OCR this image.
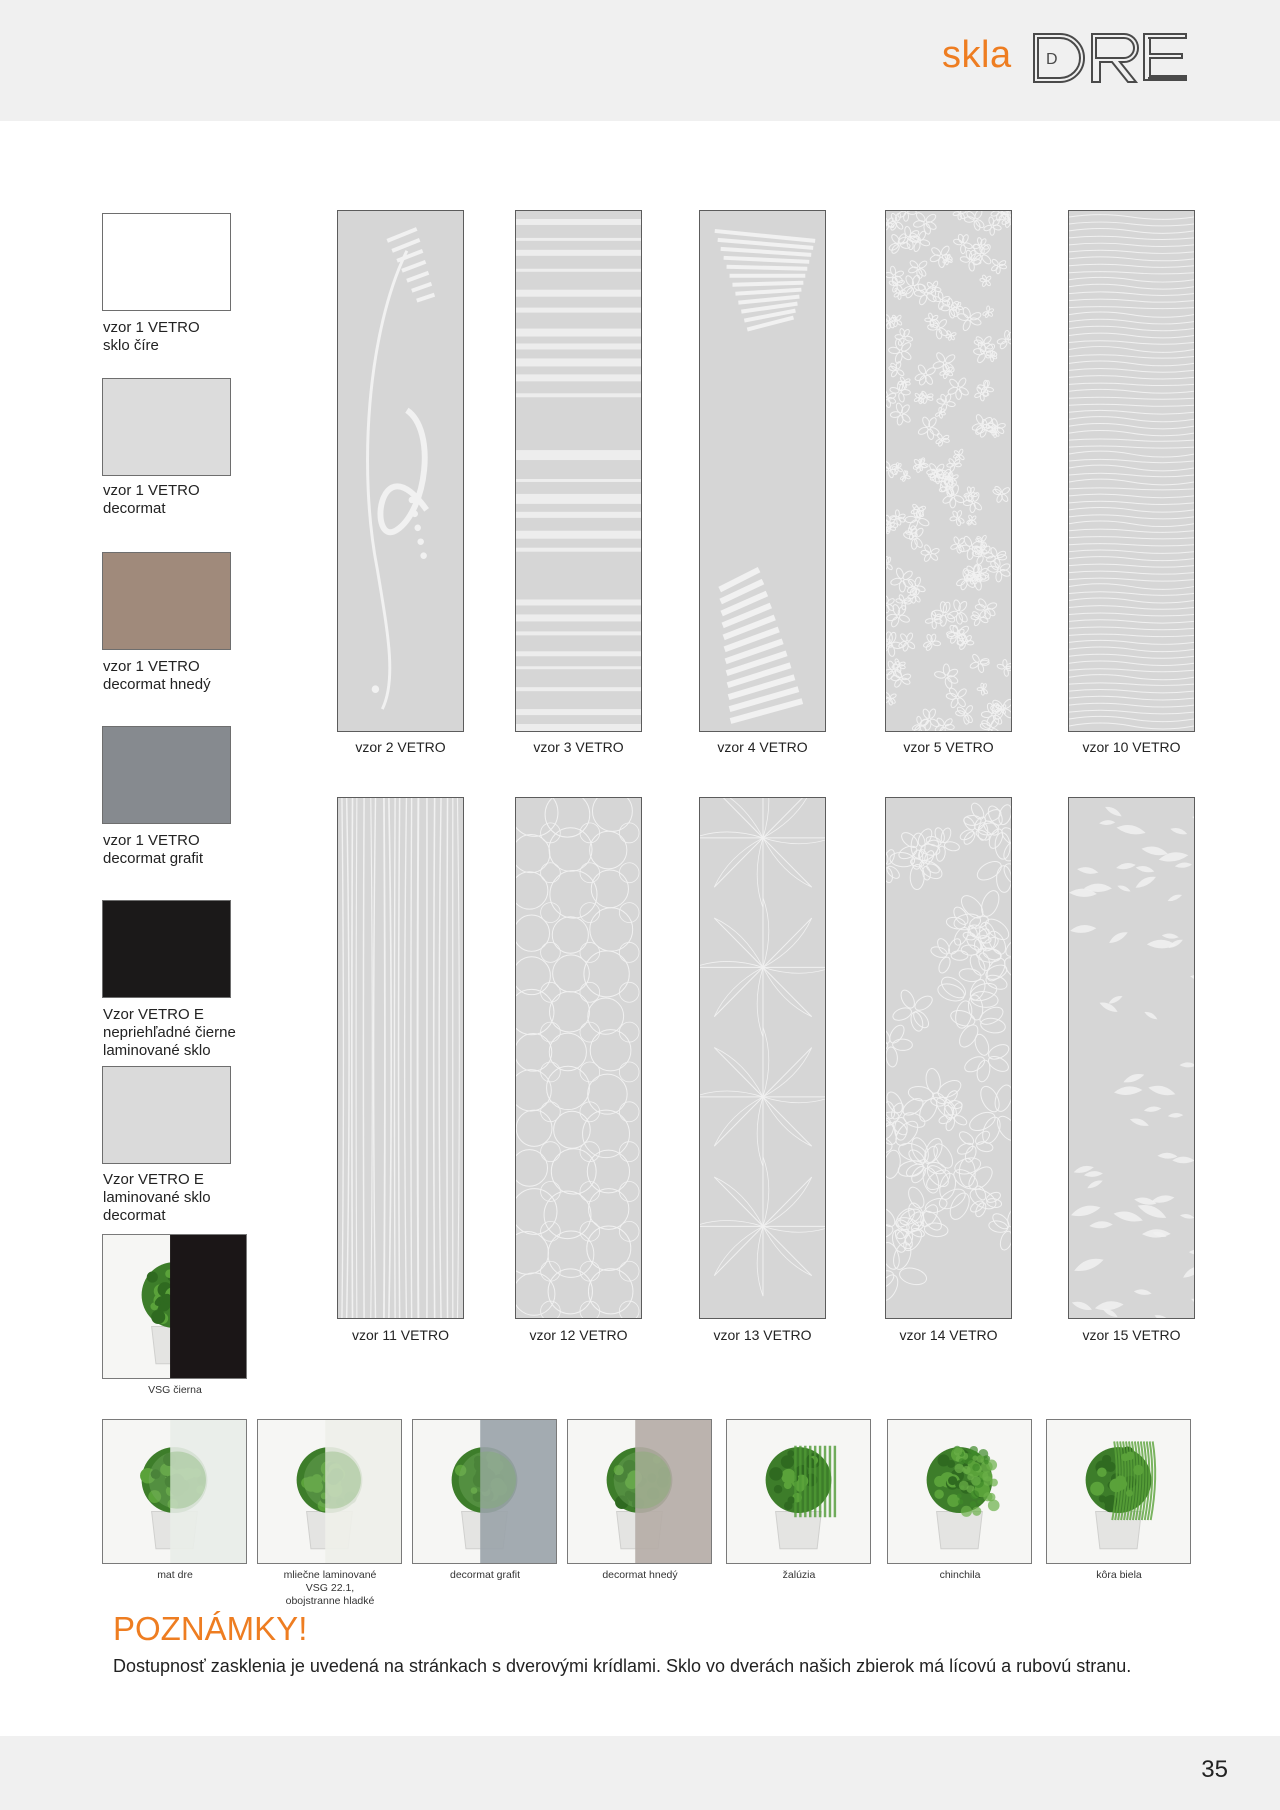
skla D
vzor 1 VETRO
sklo číre
vzor 1 VETRO
decormat
vzor 1 VETRO
decormat hnedý
vzor 1 VETRO
decormat grafit
Vzor VETRO E
nepriehľadné čierne
laminované sklo
Vzor VETRO E
laminované sklo
decormat
VSG čierna
vzor 2 VETRO	vzor 3 VETRO	vzor 4 VETRO	vzor 5 VETRO	vzor 10 VETRO
vzor 11 VETRO	vzor 12 VETRO	vzor 13 VETRO	vzor 14 VETRO	vzor 15 VETRO
mat dre	mliečne laminované
VSG 22.1,
obojstranne hladké
decormat grafit	decormat hnedý	žalúzia	chinchila	kôra biela
POZNÁMKY!
Dostupnosť zasklenia je uvedená na stránkach s dverovými krídlami. Sklo vo dverách našich zbierok má lícovú a rubovú stranu.
35
